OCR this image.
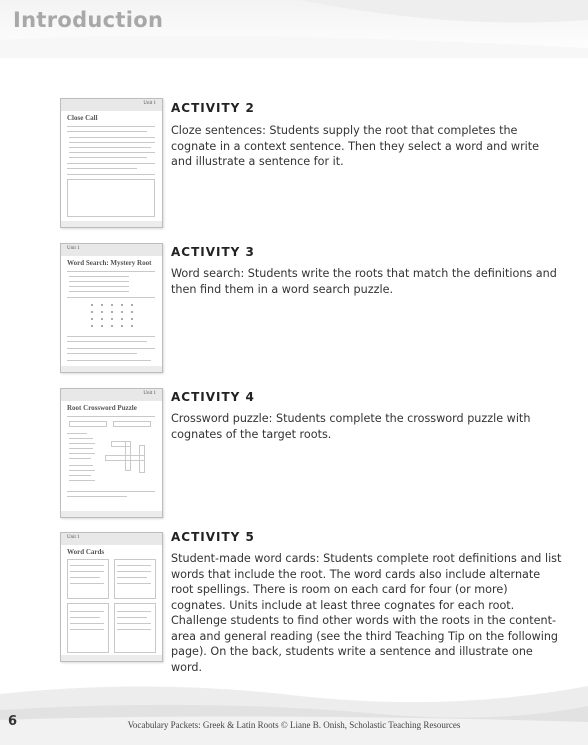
Introduction
Unit 1
Close Call
ACTIVITY 2
Cloze sentences: Students supply the root that completes the cognate in a context sentence. Then they select a word and write and illustrate a sentence for it.
Unit 1
Word Search: Mystery Root
ACTIVITY 3
Word search: Students write the roots that match the definitions and then find them in a word search puzzle.
Unit 1
Root Crossword Puzzle
ACTIVITY 4
Crossword puzzle: Students complete the crossword puzzle with cognates of the target roots.
Unit 1
Word Cards
ACTIVITY 5
Student-made word cards: Students complete root definitions and list words that include the root. The word cards also include alternate root spellings. There is room on each card for four (or more) cognates. Units include at least three cognates for each root. Challenge students to find other words with the roots in the content-area and general reading (see the third Teaching Tip on the following page). On the back, students write a sentence and illustrate one word.
6	Vocabulary Packets: Greek & Latin Roots © Liane B. Onish, Scholastic Teaching Resources
